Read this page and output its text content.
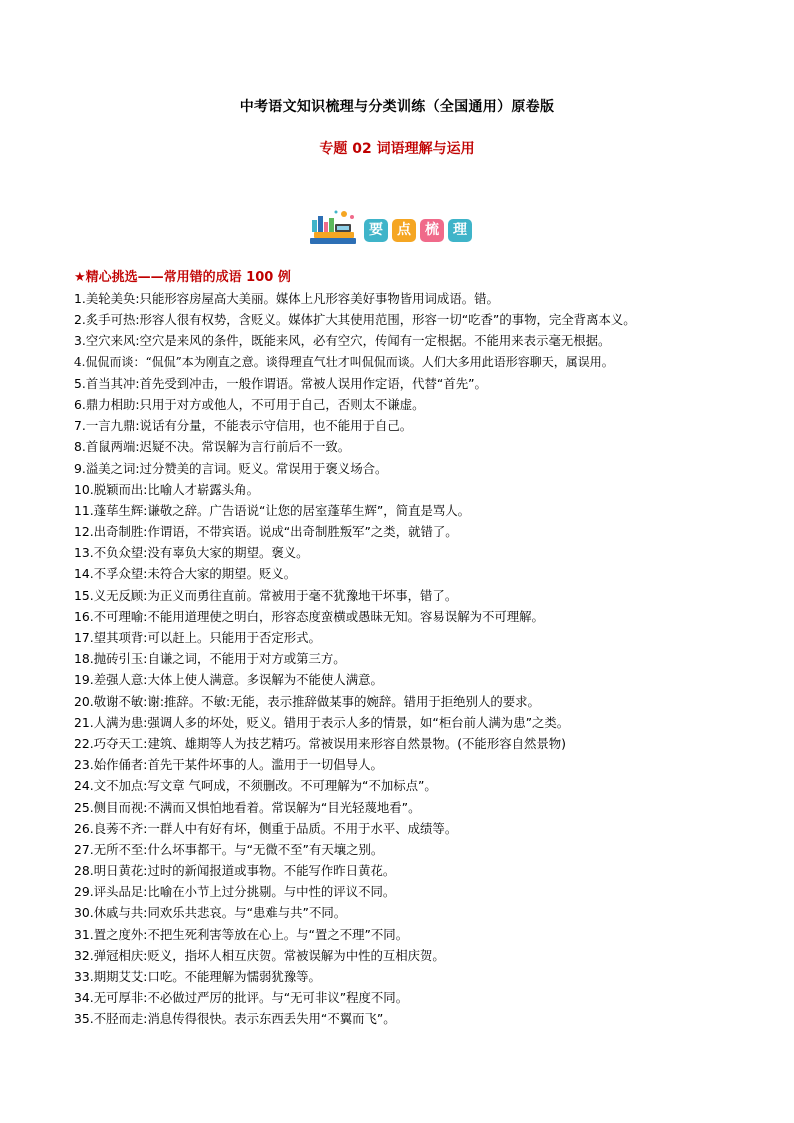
中考语文知识梳理与分类训练（全国通用）原卷版
专题 02 词语理解与运用
要	点	梳	理
★精心挑选——常用错的成语 100 例
1.美轮美奂:只能形容房屋高大美丽。媒体上凡形容美好事物皆用词成语。错。
2.炙手可热:形容人很有权势，含贬义。媒体扩大其使用范围，形容一切“吃香”的事物，完全背离本义。
3.空穴来风:空穴是来风的条件，既能来风，必有空穴，传闻有一定根据。不能用来表示毫无根据。
4.侃侃而谈：“侃侃”本为刚直之意。谈得理直气壮才叫侃侃而谈。人们大多用此语形容聊天，属误用。
5.首当其冲:首先受到冲击，一般作谓语。常被人误用作定语，代替“首先”。
6.鼎力相助:只用于对方或他人，不可用于自己，否则太不谦虚。
7.一言九鼎:说话有分量，不能表示守信用，也不能用于自己。
8.首鼠两端:迟疑不决。常误解为言行前后不一致。
9.溢美之词:过分赞美的言词。贬义。常误用于褒义场合。
10.脱颖而出:比喻人才崭露头角。
11.蓬荜生辉:谦敬之辞。广告语说“让您的居室蓬荜生辉”，简直是骂人。
12.出奇制胜:作谓语，不带宾语。说成“出奇制胜叛军”之类，就错了。
13.不负众望:没有辜负大家的期望。褒义。
14.不孚众望:未符合大家的期望。贬义。
15.义无反顾:为正义而勇往直前。常被用于毫不犹豫地干坏事，错了。
16.不可理喻:不能用道理使之明白，形容态度蛮横或愚昧无知。容易误解为不可理解。
17.望其项背:可以赶上。只能用于否定形式。
18.抛砖引玉:自谦之词，不能用于对方或第三方。
19.差强人意:大体上使人满意。多误解为不能使人满意。
20.敬谢不敏:谢:推辞。不敏:无能，表示推辞做某事的婉辞。错用于拒绝别人的要求。
21.人满为患:强调人多的坏处，贬义。错用于表示人多的情景，如“柜台前人满为患”之类。
22.巧夺天工:建筑、雄期等人为技艺精巧。常被误用来形容自然景物。(不能形容自然景物)
23.始作俑者:首先干某件坏事的人。滥用于一切倡导人。
24.文不加点:写文章 气呵成，不须删改。不可理解为“不加标点”。
25.侧目而视:不满而又惧怕地看着。常误解为“目光轻蔑地看”。
26.良莠不齐:一群人中有好有坏，侧重于品质。不用于水平、成绩等。
27.无所不至:什么坏事都干。与“无微不至”有天壤之别。
28.明日黄花:过时的新闻报道或事物。不能写作昨日黄花。
29.评头品足:比喻在小节上过分挑剔。与中性的评议不同。
30.休戚与共:同欢乐共悲哀。与“患难与共”不同。
31.置之度外:不把生死利害等放在心上。与“置之不理”不同。
32.弹冠相庆:贬义，指坏人相互庆贺。常被误解为中性的互相庆贺。
33.期期艾艾:口吃。不能理解为懦弱犹豫等。
34.无可厚非:不必做过严厉的批评。与“无可非议”程度不同。
35.不胫而走:消息传得很快。表示东西丢失用“不翼而飞”。
